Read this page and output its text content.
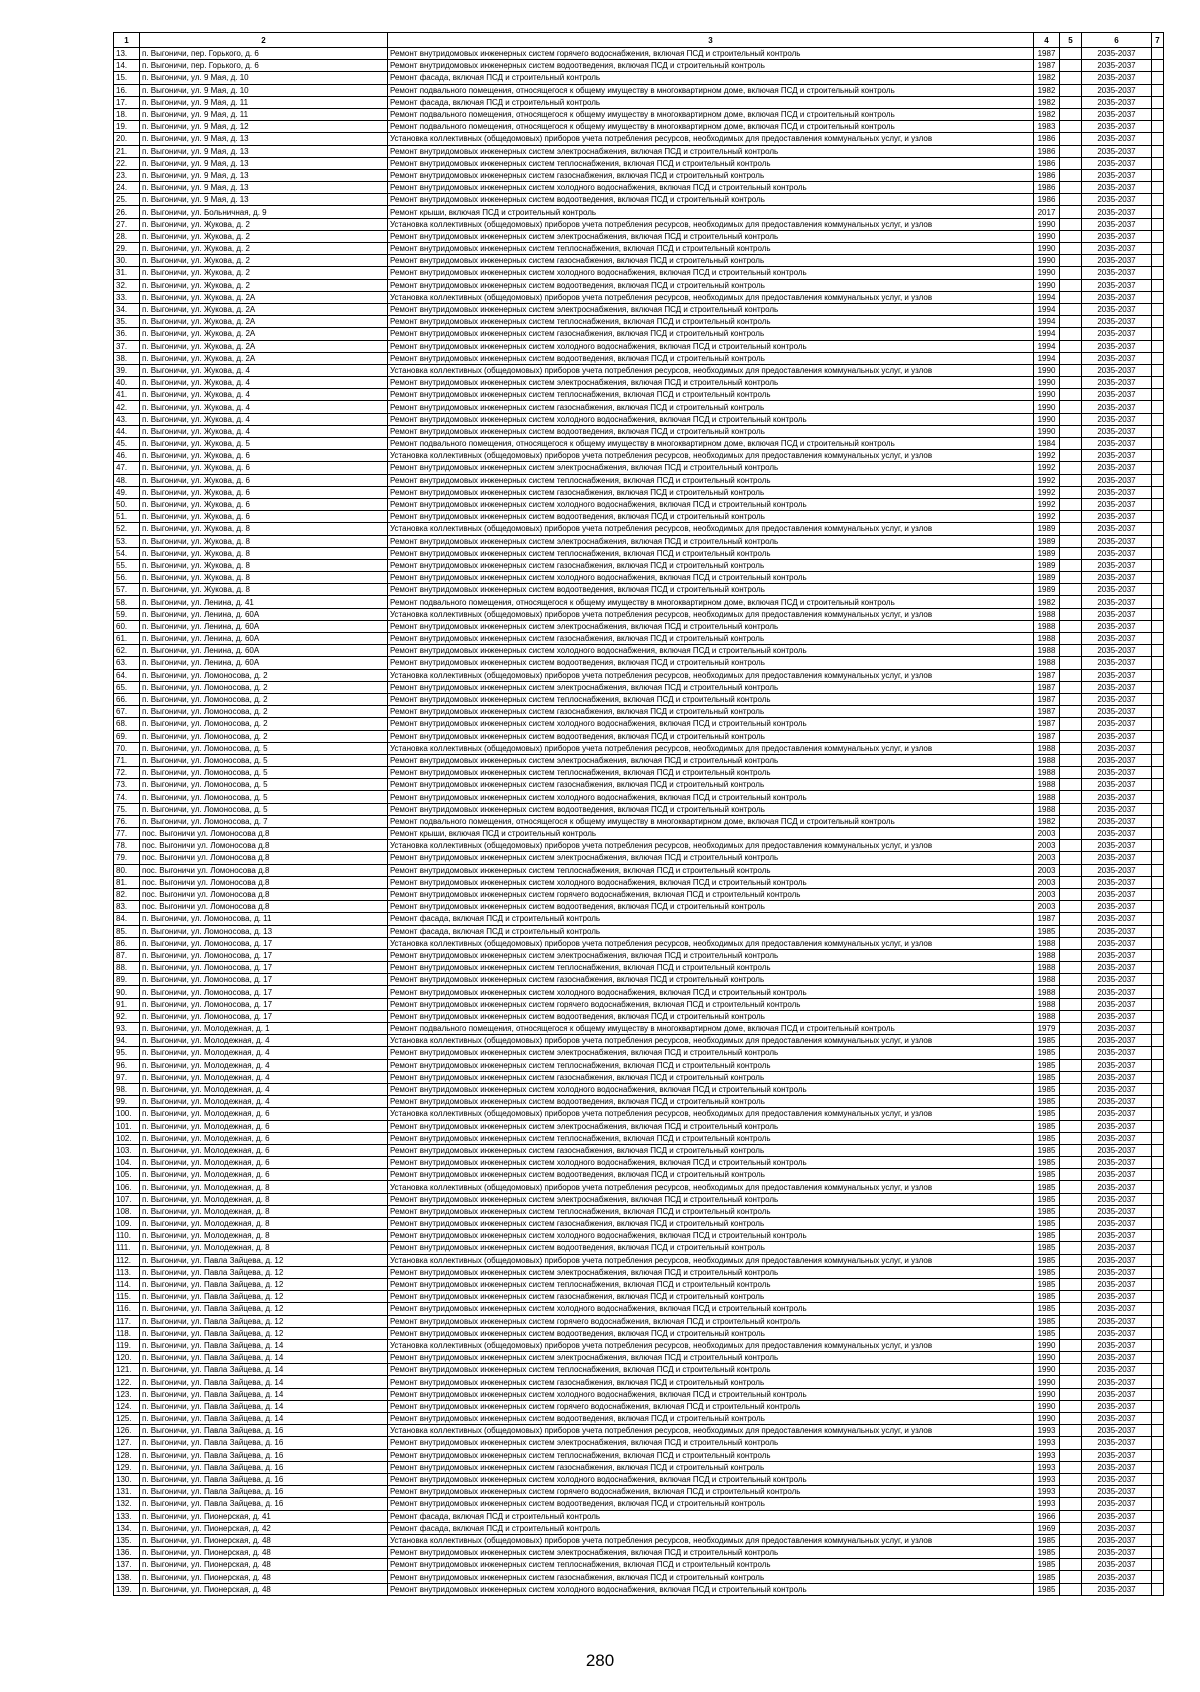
1	2	3	4	5	6	7
13.	п. Выгоничи, пер. Горького, д. 6	Ремонт внутридомовых инженерных систем горячего водоснабжения, включая ПСД и строительный контроль	1987		2035-2037	
14.	п. Выгоничи, пер. Горького, д. 6	Ремонт внутридомовых инженерных систем водоотведения, включая ПСД и строительный контроль	1987		2035-2037	
15.	п. Выгоничи, ул. 9 Мая, д. 10	Ремонт фасада, включая ПСД и строительный контроль	1982		2035-2037	
16.	п. Выгоничи, ул. 9 Мая, д. 10	Ремонт подвального помещения, относящегося к общему имуществу в многоквартирном доме, включая ПСД и строительный контроль	1982		2035-2037	
17.	п. Выгоничи, ул. 9 Мая, д. 11	Ремонт фасада, включая ПСД и строительный контроль	1982		2035-2037	
18.	п. Выгоничи, ул. 9 Мая, д. 11	Ремонт подвального помещения, относящегося к общему имуществу в многоквартирном доме, включая ПСД и строительный контроль	1982		2035-2037	
19.	п. Выгоничи, ул. 9 Мая, д. 12	Ремонт подвального помещения, относящегося к общему имуществу в многоквартирном доме, включая ПСД и строительный контроль	1983		2035-2037	
20.	п. Выгоничи, ул. 9 Мая, д. 13	Установка коллективных (общедомовых) приборов учета потребления ресурсов, необходимых для предоставления коммунальных услуг, и узлов	1986		2035-2037	
21.	п. Выгоничи, ул. 9 Мая, д. 13	Ремонт внутридомовых инженерных систем электроснабжения, включая ПСД и строительный контроль	1986		2035-2037	
22.	п. Выгоничи, ул. 9 Мая, д. 13	Ремонт внутридомовых инженерных систем теплоснабжения, включая ПСД и строительный контроль	1986		2035-2037	
23.	п. Выгоничи, ул. 9 Мая, д. 13	Ремонт внутридомовых инженерных систем газоснабжения, включая ПСД и строительный контроль	1986		2035-2037	
24.	п. Выгоничи, ул. 9 Мая, д. 13	Ремонт внутридомовых инженерных систем холодного водоснабжения, включая ПСД и строительный контроль	1986		2035-2037	
25.	п. Выгоничи, ул. 9 Мая, д. 13	Ремонт внутридомовых инженерных систем водоотведения, включая ПСД и строительный контроль	1986		2035-2037	
26.	п. Выгоничи, ул. Больничная, д. 9	Ремонт крыши, включая ПСД и строительный контроль	2017		2035-2037	
27.	п. Выгоничи, ул. Жукова, д. 2	Установка коллективных (общедомовых) приборов учета потребления ресурсов, необходимых для предоставления коммунальных услуг, и узлов	1990		2035-2037	
28.	п. Выгоничи, ул. Жукова, д. 2	Ремонт внутридомовых инженерных систем электроснабжения, включая ПСД и строительный контроль	1990		2035-2037	
29.	п. Выгоничи, ул. Жукова, д. 2	Ремонт внутридомовых инженерных систем теплоснабжения, включая ПСД и строительный контроль	1990		2035-2037	
30.	п. Выгоничи, ул. Жукова, д. 2	Ремонт внутридомовых инженерных систем газоснабжения, включая ПСД и строительный контроль	1990		2035-2037	
31.	п. Выгоничи, ул. Жукова, д. 2	Ремонт внутридомовых инженерных систем холодного водоснабжения, включая ПСД и строительный контроль	1990		2035-2037	
32.	п. Выгоничи, ул. Жукова, д. 2	Ремонт внутридомовых инженерных систем водоотведения, включая ПСД и строительный контроль	1990		2035-2037	
33.	п. Выгоничи, ул. Жукова, д. 2А	Установка коллективных (общедомовых) приборов учета потребления ресурсов, необходимых для предоставления коммунальных услуг, и узлов	1994		2035-2037	
34.	п. Выгоничи, ул. Жукова, д. 2А	Ремонт внутридомовых инженерных систем электроснабжения, включая ПСД и строительный контроль	1994		2035-2037	
35.	п. Выгоничи, ул. Жукова, д. 2А	Ремонт внутридомовых инженерных систем теплоснабжения, включая ПСД и строительный контроль	1994		2035-2037	
36.	п. Выгоничи, ул. Жукова, д. 2А	Ремонт внутридомовых инженерных систем газоснабжения, включая ПСД и строительный контроль	1994		2035-2037	
37.	п. Выгоничи, ул. Жукова, д. 2А	Ремонт внутридомовых инженерных систем холодного водоснабжения, включая ПСД и строительный контроль	1994		2035-2037	
38.	п. Выгоничи, ул. Жукова, д. 2А	Ремонт внутридомовых инженерных систем водоотведения, включая ПСД и строительный контроль	1994		2035-2037	
39.	п. Выгоничи, ул. Жукова, д. 4	Установка коллективных (общедомовых) приборов учета потребления ресурсов, необходимых для предоставления коммунальных услуг, и узлов	1990		2035-2037	
40.	п. Выгоничи, ул. Жукова, д. 4	Ремонт внутридомовых инженерных систем электроснабжения, включая ПСД и строительный контроль	1990		2035-2037	
41.	п. Выгоничи, ул. Жукова, д. 4	Ремонт внутридомовых инженерных систем теплоснабжения, включая ПСД и строительный контроль	1990		2035-2037	
42.	п. Выгоничи, ул. Жукова, д. 4	Ремонт внутридомовых инженерных систем газоснабжения, включая ПСД и строительный контроль	1990		2035-2037	
43.	п. Выгоничи, ул. Жукова, д. 4	Ремонт внутридомовых инженерных систем холодного водоснабжения, включая ПСД и строительный контроль	1990		2035-2037	
44.	п. Выгоничи, ул. Жукова, д. 4	Ремонт внутридомовых инженерных систем водоотведения, включая ПСД и строительный контроль	1990		2035-2037	
45.	п. Выгоничи, ул. Жукова, д. 5	Ремонт подвального помещения, относящегося к общему имуществу в многоквартирном доме, включая ПСД и строительный контроль	1984		2035-2037	
46.	п. Выгоничи, ул. Жукова, д. 6	Установка коллективных (общедомовых) приборов учета потребления ресурсов, необходимых для предоставления коммунальных услуг, и узлов	1992		2035-2037	
47.	п. Выгоничи, ул. Жукова, д. 6	Ремонт внутридомовых инженерных систем электроснабжения, включая ПСД и строительный контроль	1992		2035-2037	
48.	п. Выгоничи, ул. Жукова, д. 6	Ремонт внутридомовых инженерных систем теплоснабжения, включая ПСД и строительный контроль	1992		2035-2037	
49.	п. Выгоничи, ул. Жукова, д. 6	Ремонт внутридомовых инженерных систем газоснабжения, включая ПСД и строительный контроль	1992		2035-2037	
50.	п. Выгоничи, ул. Жукова, д. 6	Ремонт внутридомовых инженерных систем холодного водоснабжения, включая ПСД и строительный контроль	1992		2035-2037	
51.	п. Выгоничи, ул. Жукова, д. 6	Ремонт внутридомовых инженерных систем водоотведения, включая ПСД и строительный контроль	1992		2035-2037	
52.	п. Выгоничи, ул. Жукова, д. 8	Установка коллективных (общедомовых) приборов учета потребления ресурсов, необходимых для предоставления коммунальных услуг, и узлов	1989		2035-2037	
53.	п. Выгоничи, ул. Жукова, д. 8	Ремонт внутридомовых инженерных систем электроснабжения, включая ПСД и строительный контроль	1989		2035-2037	
54.	п. Выгоничи, ул. Жукова, д. 8	Ремонт внутридомовых инженерных систем теплоснабжения, включая ПСД и строительный контроль	1989		2035-2037	
55.	п. Выгоничи, ул. Жукова, д. 8	Ремонт внутридомовых инженерных систем газоснабжения, включая ПСД и строительный контроль	1989		2035-2037	
56.	п. Выгоничи, ул. Жукова, д. 8	Ремонт внутридомовых инженерных систем холодного водоснабжения, включая ПСД и строительный контроль	1989		2035-2037	
57.	п. Выгоничи, ул. Жукова, д. 8	Ремонт внутридомовых инженерных систем водоотведения, включая ПСД и строительный контроль	1989		2035-2037	
58.	п. Выгоничи, ул. Ленина, д. 41	Ремонт подвального помещения, относящегося к общему имуществу в многоквартирном доме, включая ПСД и строительный контроль	1982		2035-2037	
59.	п. Выгоничи, ул. Ленина, д. 60А	Установка коллективных (общедомовых) приборов учета потребления ресурсов, необходимых для предоставления коммунальных услуг, и узлов	1988		2035-2037	
60.	п. Выгоничи, ул. Ленина, д. 60А	Ремонт внутридомовых инженерных систем электроснабжения, включая ПСД и строительный контроль	1988		2035-2037	
61.	п. Выгоничи, ул. Ленина, д. 60А	Ремонт внутридомовых инженерных систем газоснабжения, включая ПСД и строительный контроль	1988		2035-2037	
62.	п. Выгоничи, ул. Ленина, д. 60А	Ремонт внутридомовых инженерных систем холодного водоснабжения, включая ПСД и строительный контроль	1988		2035-2037	
63.	п. Выгоничи, ул. Ленина, д. 60А	Ремонт внутридомовых инженерных систем водоотведения, включая ПСД и строительный контроль	1988		2035-2037	
64.	п. Выгоничи, ул. Ломоносова, д. 2	Установка коллективных (общедомовых) приборов учета потребления ресурсов, необходимых для предоставления коммунальных услуг, и узлов	1987		2035-2037	
65.	п. Выгоничи, ул. Ломоносова, д. 2	Ремонт внутридомовых инженерных систем электроснабжения, включая ПСД и строительный контроль	1987		2035-2037	
66.	п. Выгоничи, ул. Ломоносова, д. 2	Ремонт внутридомовых инженерных систем теплоснабжения, включая ПСД и строительный контроль	1987		2035-2037	
67.	п. Выгоничи, ул. Ломоносова, д. 2	Ремонт внутридомовых инженерных систем газоснабжения, включая ПСД и строительный контроль	1987		2035-2037	
68.	п. Выгоничи, ул. Ломоносова, д. 2	Ремонт внутридомовых инженерных систем холодного водоснабжения, включая ПСД и строительный контроль	1987		2035-2037	
69.	п. Выгоничи, ул. Ломоносова, д. 2	Ремонт внутридомовых инженерных систем водоотведения, включая ПСД и строительный контроль	1987		2035-2037	
70.	п. Выгоничи, ул. Ломоносова, д. 5	Установка коллективных (общедомовых) приборов учета потребления ресурсов, необходимых для предоставления коммунальных услуг, и узлов	1988		2035-2037	
71.	п. Выгоничи, ул. Ломоносова, д. 5	Ремонт внутридомовых инженерных систем электроснабжения, включая ПСД и строительный контроль	1988		2035-2037	
72.	п. Выгоничи, ул. Ломоносова, д. 5	Ремонт внутридомовых инженерных систем теплоснабжения, включая ПСД и строительный контроль	1988		2035-2037	
73.	п. Выгоничи, ул. Ломоносова, д. 5	Ремонт внутридомовых инженерных систем газоснабжения, включая ПСД и строительный контроль	1988		2035-2037	
74.	п. Выгоничи, ул. Ломоносова, д. 5	Ремонт внутридомовых инженерных систем холодного водоснабжения, включая ПСД и строительный контроль	1988		2035-2037	
75.	п. Выгоничи, ул. Ломоносова, д. 5	Ремонт внутридомовых инженерных систем водоотведения, включая ПСД и строительный контроль	1988		2035-2037	
76.	п. Выгоничи, ул. Ломоносова, д. 7	Ремонт подвального помещения, относящегося к общему имуществу в многоквартирном доме, включая ПСД и строительный контроль	1982		2035-2037	
77.	пос. Выгоничи ул. Ломоносова д.8	Ремонт крыши, включая ПСД и строительный контроль	2003		2035-2037	
78.	пос. Выгоничи ул. Ломоносова д.8	Установка коллективных (общедомовых) приборов учета потребления ресурсов, необходимых для предоставления коммунальных услуг, и узлов	2003		2035-2037	
79.	пос. Выгоничи ул. Ломоносова д.8	Ремонт внутридомовых инженерных систем электроснабжения, включая ПСД и строительный контроль	2003		2035-2037	
80.	пос. Выгоничи ул. Ломоносова д.8	Ремонт внутридомовых инженерных систем теплоснабжения, включая ПСД и строительный контроль	2003		2035-2037	
81.	пос. Выгоничи ул. Ломоносова д.8	Ремонт внутридомовых инженерных систем холодного водоснабжения, включая ПСД и строительный контроль	2003		2035-2037	
82.	пос. Выгоничи ул. Ломоносова д.8	Ремонт внутридомовых инженерных систем горячего водоснабжения, включая ПСД и строительный контроль	2003		2035-2037	
83.	пос. Выгоничи ул. Ломоносова д.8	Ремонт внутридомовых инженерных систем водоотведения, включая ПСД и строительный контроль	2003		2035-2037	
84.	п. Выгоничи, ул. Ломоносова, д. 11	Ремонт фасада, включая ПСД и строительный контроль	1987		2035-2037	
85.	п. Выгоничи, ул. Ломоносова, д. 13	Ремонт фасада, включая ПСД и строительный контроль	1985		2035-2037	
86.	п. Выгоничи, ул. Ломоносова, д. 17	Установка коллективных (общедомовых) приборов учета потребления ресурсов, необходимых для предоставления коммунальных услуг, и узлов	1988		2035-2037	
87.	п. Выгоничи, ул. Ломоносова, д. 17	Ремонт внутридомовых инженерных систем электроснабжения, включая ПСД и строительный контроль	1988		2035-2037	
88.	п. Выгоничи, ул. Ломоносова, д. 17	Ремонт внутридомовых инженерных систем теплоснабжения, включая ПСД и строительный контроль	1988		2035-2037	
89.	п. Выгоничи, ул. Ломоносова, д. 17	Ремонт внутридомовых инженерных систем газоснабжения, включая ПСД и строительный контроль	1988		2035-2037	
90.	п. Выгоничи, ул. Ломоносова, д. 17	Ремонт внутридомовых инженерных систем холодного водоснабжения, включая ПСД и строительный контроль	1988		2035-2037	
91.	п. Выгоничи, ул. Ломоносова, д. 17	Ремонт внутридомовых инженерных систем горячего водоснабжения, включая ПСД и строительный контроль	1988		2035-2037	
92.	п. Выгоничи, ул. Ломоносова, д. 17	Ремонт внутридомовых инженерных систем водоотведения, включая ПСД и строительный контроль	1988		2035-2037	
93.	п. Выгоничи, ул. Молодежная, д. 1	Ремонт подвального помещения, относящегося к общему имуществу в многоквартирном доме, включая ПСД и строительный контроль	1979		2035-2037	
94.	п. Выгоничи, ул. Молодежная, д. 4	Установка коллективных (общедомовых) приборов учета потребления ресурсов, необходимых для предоставления коммунальных услуг, и узлов	1985		2035-2037	
95.	п. Выгоничи, ул. Молодежная, д. 4	Ремонт внутридомовых инженерных систем электроснабжения, включая ПСД и строительный контроль	1985		2035-2037	
96.	п. Выгоничи, ул. Молодежная, д. 4	Ремонт внутридомовых инженерных систем теплоснабжения, включая ПСД и строительный контроль	1985		2035-2037	
97.	п. Выгоничи, ул. Молодежная, д. 4	Ремонт внутридомовых инженерных систем газоснабжения, включая ПСД и строительный контроль	1985		2035-2037	
98.	п. Выгоничи, ул. Молодежная, д. 4	Ремонт внутридомовых инженерных систем холодного водоснабжения, включая ПСД и строительный контроль	1985		2035-2037	
99.	п. Выгоничи, ул. Молодежная, д. 4	Ремонт внутридомовых инженерных систем водоотведения, включая ПСД и строительный контроль	1985		2035-2037	
100.	п. Выгоничи, ул. Молодежная, д. 6	Установка коллективных (общедомовых) приборов учета потребления ресурсов, необходимых для предоставления коммунальных услуг, и узлов	1985		2035-2037	
101.	п. Выгоничи, ул. Молодежная, д. 6	Ремонт внутридомовых инженерных систем электроснабжения, включая ПСД и строительный контроль	1985		2035-2037	
102.	п. Выгоничи, ул. Молодежная, д. 6	Ремонт внутридомовых инженерных систем теплоснабжения, включая ПСД и строительный контроль	1985		2035-2037	
103.	п. Выгоничи, ул. Молодежная, д. 6	Ремонт внутридомовых инженерных систем газоснабжения, включая ПСД и строительный контроль	1985		2035-2037	
104.	п. Выгоничи, ул. Молодежная, д. 6	Ремонт внутридомовых инженерных систем холодного водоснабжения, включая ПСД и строительный контроль	1985		2035-2037	
105.	п. Выгоничи, ул. Молодежная, д. 6	Ремонт внутридомовых инженерных систем водоотведения, включая ПСД и строительный контроль	1985		2035-2037	
106.	п. Выгоничи, ул. Молодежная, д. 8	Установка коллективных (общедомовых) приборов учета потребления ресурсов, необходимых для предоставления коммунальных услуг, и узлов	1985		2035-2037	
107.	п. Выгоничи, ул. Молодежная, д. 8	Ремонт внутридомовых инженерных систем электроснабжения, включая ПСД и строительный контроль	1985		2035-2037	
108.	п. Выгоничи, ул. Молодежная, д. 8	Ремонт внутридомовых инженерных систем теплоснабжения, включая ПСД и строительный контроль	1985		2035-2037	
109.	п. Выгоничи, ул. Молодежная, д. 8	Ремонт внутридомовых инженерных систем газоснабжения, включая ПСД и строительный контроль	1985		2035-2037	
110.	п. Выгоничи, ул. Молодежная, д. 8	Ремонт внутридомовых инженерных систем холодного водоснабжения, включая ПСД и строительный контроль	1985		2035-2037	
111.	п. Выгоничи, ул. Молодежная, д. 8	Ремонт внутридомовых инженерных систем водоотведения, включая ПСД и строительный контроль	1985		2035-2037	
112.	п. Выгоничи, ул. Павла Зайцева, д. 12	Установка коллективных (общедомовых) приборов учета потребления ресурсов, необходимых для предоставления коммунальных услуг, и узлов	1985		2035-2037	
113.	п. Выгоничи, ул. Павла Зайцева, д. 12	Ремонт внутридомовых инженерных систем электроснабжения, включая ПСД и строительный контроль	1985		2035-2037	
114.	п. Выгоничи, ул. Павла Зайцева, д. 12	Ремонт внутридомовых инженерных систем теплоснабжения, включая ПСД и строительный контроль	1985		2035-2037	
115.	п. Выгоничи, ул. Павла Зайцева, д. 12	Ремонт внутридомовых инженерных систем газоснабжения, включая ПСД и строительный контроль	1985		2035-2037	
116.	п. Выгоничи, ул. Павла Зайцева, д. 12	Ремонт внутридомовых инженерных систем холодного водоснабжения, включая ПСД и строительный контроль	1985		2035-2037	
117.	п. Выгоничи, ул. Павла Зайцева, д. 12	Ремонт внутридомовых инженерных систем горячего водоснабжения, включая ПСД и строительный контроль	1985		2035-2037	
118.	п. Выгоничи, ул. Павла Зайцева, д. 12	Ремонт внутридомовых инженерных систем водоотведения, включая ПСД и строительный контроль	1985		2035-2037	
119.	п. Выгоничи, ул. Павла Зайцева, д. 14	Установка коллективных (общедомовых) приборов учета потребления ресурсов, необходимых для предоставления коммунальных услуг, и узлов	1990		2035-2037	
120.	п. Выгоничи, ул. Павла Зайцева, д. 14	Ремонт внутридомовых инженерных систем электроснабжения, включая ПСД и строительный контроль	1990		2035-2037	
121.	п. Выгоничи, ул. Павла Зайцева, д. 14	Ремонт внутридомовых инженерных систем теплоснабжения, включая ПСД и строительный контроль	1990		2035-2037	
122.	п. Выгоничи, ул. Павла Зайцева, д. 14	Ремонт внутридомовых инженерных систем газоснабжения, включая ПСД и строительный контроль	1990		2035-2037	
123.	п. Выгоничи, ул. Павла Зайцева, д. 14	Ремонт внутридомовых инженерных систем холодного водоснабжения, включая ПСД и строительный контроль	1990		2035-2037	
124.	п. Выгоничи, ул. Павла Зайцева, д. 14	Ремонт внутридомовых инженерных систем горячего водоснабжения, включая ПСД и строительный контроль	1990		2035-2037	
125.	п. Выгоничи, ул. Павла Зайцева, д. 14	Ремонт внутридомовых инженерных систем водоотведения, включая ПСД и строительный контроль	1990		2035-2037	
126.	п. Выгоничи, ул. Павла Зайцева, д. 16	Установка коллективных (общедомовых) приборов учета потребления ресурсов, необходимых для предоставления коммунальных услуг, и узлов	1993		2035-2037	
127.	п. Выгоничи, ул. Павла Зайцева, д. 16	Ремонт внутридомовых инженерных систем электроснабжения, включая ПСД и строительный контроль	1993		2035-2037	
128.	п. Выгоничи, ул. Павла Зайцева, д. 16	Ремонт внутридомовых инженерных систем теплоснабжения, включая ПСД и строительный контроль	1993		2035-2037	
129.	п. Выгоничи, ул. Павла Зайцева, д. 16	Ремонт внутридомовых инженерных систем газоснабжения, включая ПСД и строительный контроль	1993		2035-2037	
130.	п. Выгоничи, ул. Павла Зайцева, д. 16	Ремонт внутридомовых инженерных систем холодного водоснабжения, включая ПСД и строительный контроль	1993		2035-2037	
131.	п. Выгоничи, ул. Павла Зайцева, д. 16	Ремонт внутридомовых инженерных систем горячего водоснабжения, включая ПСД и строительный контроль	1993		2035-2037	
132.	п. Выгоничи, ул. Павла Зайцева, д. 16	Ремонт внутридомовых инженерных систем водоотведения, включая ПСД и строительный контроль	1993		2035-2037	
133.	п. Выгоничи, ул. Пионерская, д. 41	Ремонт фасада, включая ПСД и строительный контроль	1966		2035-2037	
134.	п. Выгоничи, ул. Пионерская, д. 42	Ремонт фасада, включая ПСД и строительный контроль	1969		2035-2037	
135.	п. Выгоничи, ул. Пионерская, д. 48	Установка коллективных (общедомовых) приборов учета потребления ресурсов, необходимых для предоставления коммунальных услуг, и узлов	1985		2035-2037	
136.	п. Выгоничи, ул. Пионерская, д. 48	Ремонт внутридомовых инженерных систем электроснабжения, включая ПСД и строительный контроль	1985		2035-2037	
137.	п. Выгоничи, ул. Пионерская, д. 48	Ремонт внутридомовых инженерных систем теплоснабжения, включая ПСД и строительный контроль	1985		2035-2037	
138.	п. Выгоничи, ул. Пионерская, д. 48	Ремонт внутридомовых инженерных систем газоснабжения, включая ПСД и строительный контроль	1985		2035-2037	
139.	п. Выгоничи, ул. Пионерская, д. 48	Ремонт внутридомовых инженерных систем холодного водоснабжения, включая ПСД и строительный контроль	1985		2035-2037	
280
